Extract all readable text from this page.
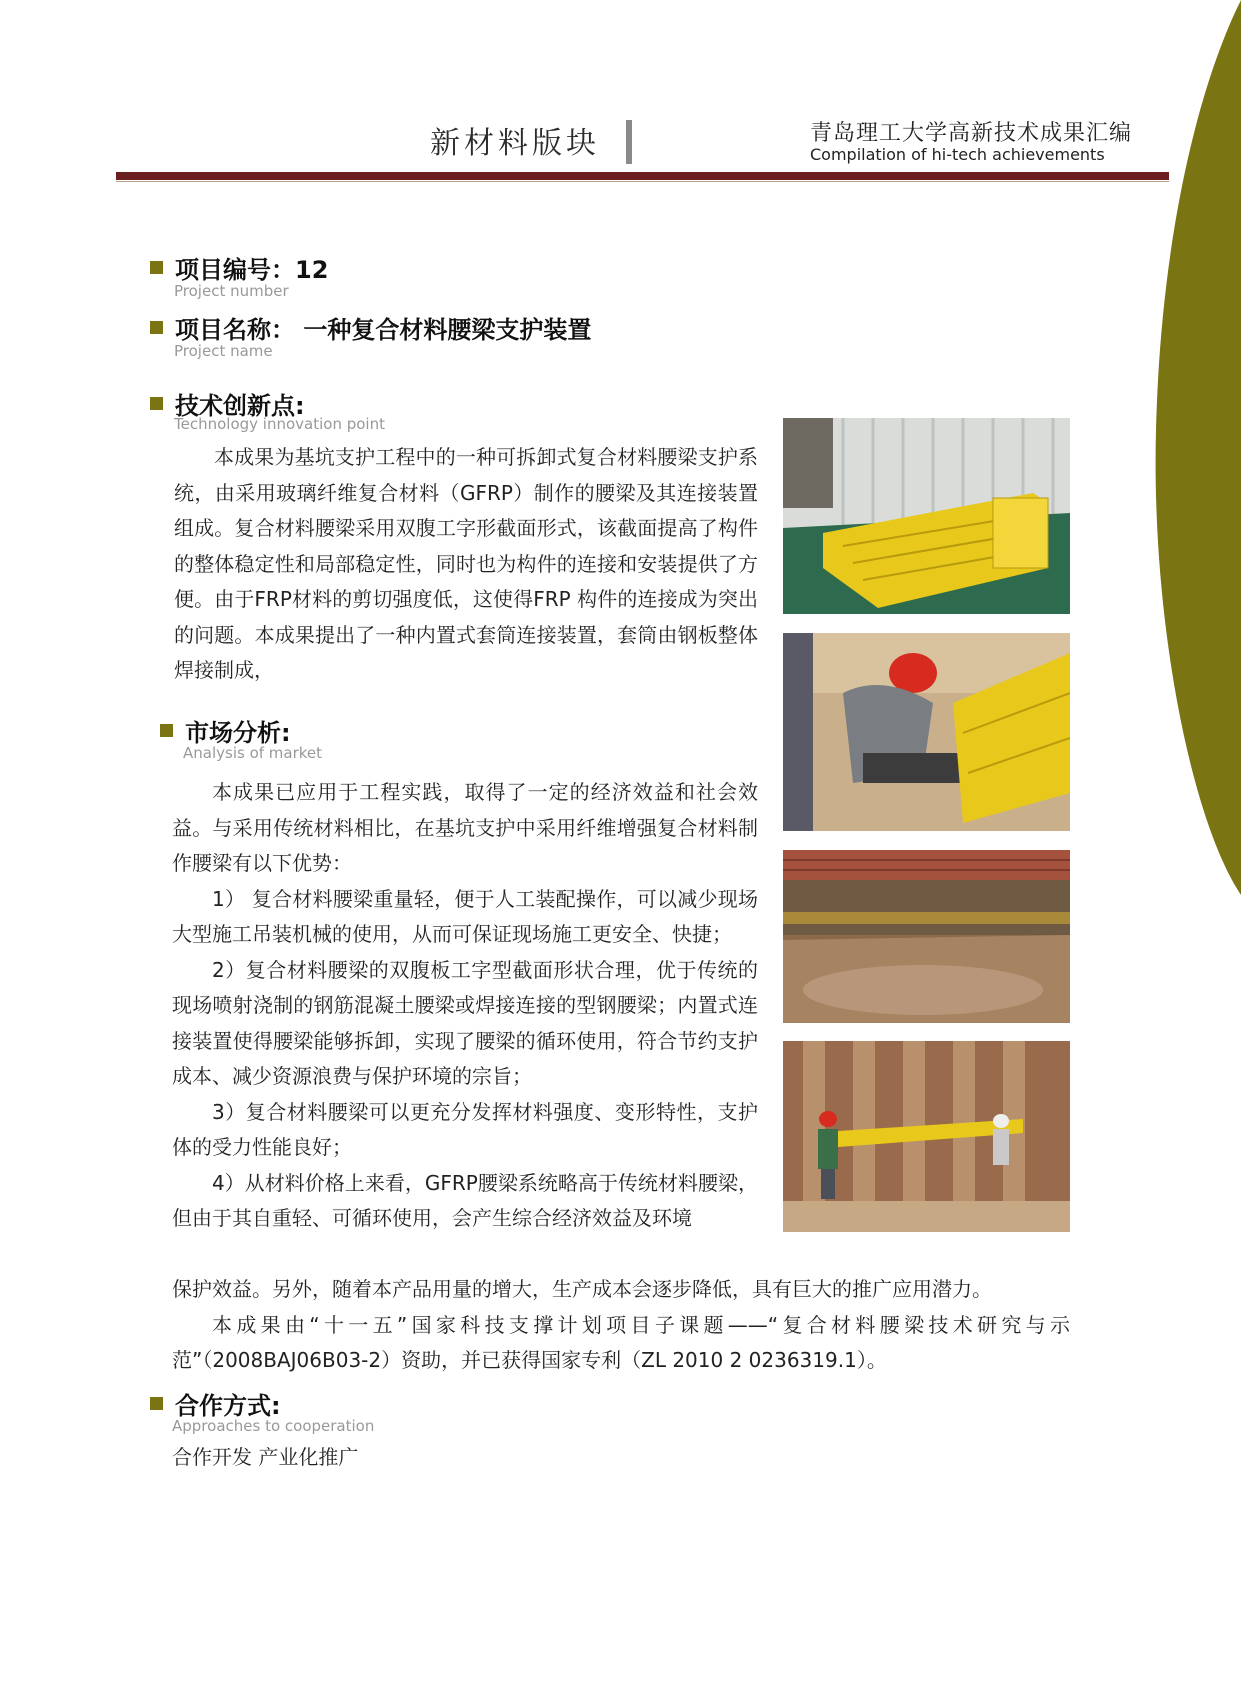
新材料版块	青岛理工大学高新技术成果汇编
Compilation of hi-tech achievements
项目编号：12
Project number
项目名称： 一种复合材料腰梁支护装置
Project name
技术创新点:
Technology innovation point

本成果为基坑支护工程中的一种可拆卸式复合材料腰梁支护系统，由采用玻璃纤维复合材料（GFRP）制作的腰梁及其连接装置组成。复合材料腰梁采用双腹工字形截面形式，该截面提高了构件的整体稳定性和局部稳定性，同时也为构件的连接和安装提供了方便。由于FRP材料的剪切强度低，这使得FRP 构件的连接成为突出的问题。本成果提出了一种内置式套筒连接装置，套筒由钢板整体焊接制成，

市场分析:
Analysis of market

本成果已应用于工程实践，取得了一定的经济效益和社会效益。与采用传统材料相比，在基坑支护中采用纤维增强复合材料制作腰梁有以下优势：

1） 复合材料腰梁重量轻，便于人工装配操作，可以减少现场大型施工吊装机械的使用，从而可保证现场施工更安全、快捷；

2）复合材料腰梁的双腹板工字型截面形状合理，优于传统的现场喷射浇制的钢筋混凝土腰梁或焊接连接的型钢腰梁；内置式连接装置使得腰梁能够拆卸，实现了腰梁的循环使用，符合节约支护成本、减少资源浪费与保护环境的宗旨；

3）复合材料腰梁可以更充分发挥材料强度、变形特性，支护体的受力性能良好；

4）从材料价格上来看，GFRP腰梁系统略高于传统材料腰梁，但由于其自重轻、可循环使用，会产生综合经济效益及环境

保护效益。另外，随着本产品用量的增大，生产成本会逐步降低，具有巨大的推广应用潜力。

本成果由“十一五”国家科技支撑计划项目子课题——“复合材料腰梁技术研究与示范”（2008BAJ06B03-2）资助，并已获得国家专利（ZL 2010 2 0236319.1）。

合作方式:
Approaches to cooperation
合作开发 产业化推广
